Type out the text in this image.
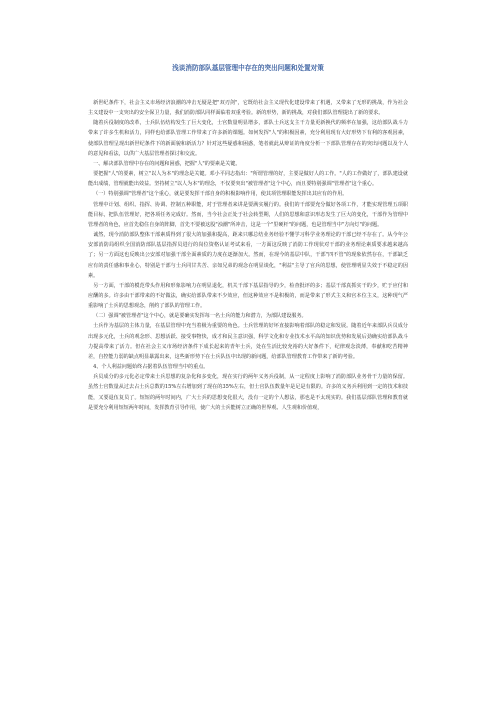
浅谈消防部队基层管理中存在的突出问题和处置对策

新世纪条件下，社会主义市场经济浪潮的冲击无疑是把"双刃剑"，它既给社会主义现代化建设带来了机遇，又带来了无形的挑战，作为社会主义建设中一支突出的安全保卫力量，我们消防部队同样面临着双重考验。新的形势，新的挑战，对我们部队管理提出了新的要求。

随着兵役制度的改革，士兵队伍结构发生了巨大变化，士官数量明显增多，部队士兵这支主干力量更新换代的频率在加强，这给部队战斗力带来了许多生机和活力，同样也给部队管理工作带来了许多新的课题。如何发挥"人"的积极因素，充分利用现有大好形势下有利的客观因素，使部队管理呈现出新世纪条件下的新面貌和新活力？针对这些疑惑和困惑，笔者就此从辩证的角度分析一下部队管理存在的突出问题以及个人的意见和看法，以供广大基层管理者探讨和交流。

一、解决部队管理中存在的问题和困惑，把握"人"的要素是关键。

要把握"人"的要素，树立"以人为本"的理念是关键。邓小平同志指出："所谓管理的好，主要是做好人的工作。"人的工作做好了，部队建设就能出成绩，管理就能出效益。坚持树立"以人为本"的理念，不仅要突出"被管理者"这个中心，而且要特别强调"管理者"这个重心。

（一）特别强调"管理者"这个重心，就是要发挥干部自身的积极影响作用，使其项管理职能发挥出其应有的作用。

管理中计划、组织、指挥、协调、控制五种职能，对于管理者来讲是要满实履行的。我们的干部要充分做好各项工作，才能实现管理五项职能目标，把队伍管理好，把各项任务完成好。然而，当今社会正处于社会转型期，人们的思想和意识形态发生了巨大的变化，干部作为管理中管理者的角色，应首先稳住自身的阵脚，首先不要被这股"浊潮"所冲击，这是一个"里硬杆"的问题，也是管理当中"方向灯"的问题。

诚然，现今消防部队整体干部素质得到了很大的加强和提高，距来只哪总结业务经验不懂学习科学业务理论的干部已经不存在了。从今年公安部消防局组织全国消防部队基层指挥员进行的岗位资格认证考试来看，一方面这反映了消防工作现状对干部的业务理论素质要求越来越高了；另一方面这也反映出公安部对加强干部全面素质的力度在逐渐加大。然而，在现今的基层中队，干部"四不管"的现象依然存在，干部缺乏应有的责任感和事业心，特别是干部与士兵同甘共苦、亲如兄弟的观念在明显谈化，"利益"主导了官兵的思想，使管理明显失效于不稳定的因素。

另一方面，干部的模范带头作用和形象影响力在明显退化，机关干部下基层指导的少，检查批评的多；基层干部真抓实干的少，贮于应付和应酬的多。许多由干部带来的不好做法，确实给部队带来不少效应，但这种效应不是积极的，而是带来了形式主义和官本位主义，这种现气严重影响了士兵的思想观念，削约了部队的管理工作。

（二）强调"被管理者"这个中心，就是要确实发挥每一名士兵的能力和潜力，为部队建设服务。

士兵作为基层的主体力量，在基层管理中充当着极为重要的角色。士兵管理的好坏直接影响着部队的稳定和发展。随着近年来部队兵员成分出现多元化，士兵的观念形、思想活跃、接受事物快，成才和民主意识强，科学文化和专业技术水平高的知识优势和发展后劲确实给部队战斗力提高带来了活力。但在社会主义市场经济条件下成长起来的青年士兵，处在生活比较充裕的大好条件下，纪律观念淡薄，奉献和吃苦精神差，自控能力弱的缺点明显暴露出来，这些新形势下在士兵队伍中出现的新问题，给部队管理教育工作带来了新的考验。

4、个人利益问题始终占据着队伍管理当中的重点。

兵员成分的多元化必定带来士兵思想的复杂化和多变化，现在实行的两年义务兵役制，从一定程度上影响了消防部队业务骨干力量的保留。虽然士官数量从过去占士兵总数的15%左右增加到了现在的35%左右，但士官队伍数量年是足是有限的。许多的义务兵利用到一定的技术和技能，又要退伍复员了。短短的两年时间内，广大士兵的思想变化很大，没有一定的个人想法，那也是不太现实的。我们基层部队管理和教育就是要充分利用短短两年时间，发挥教育引导作用，使广大的士兵能树立正确的世界观、人生观和价值观，
